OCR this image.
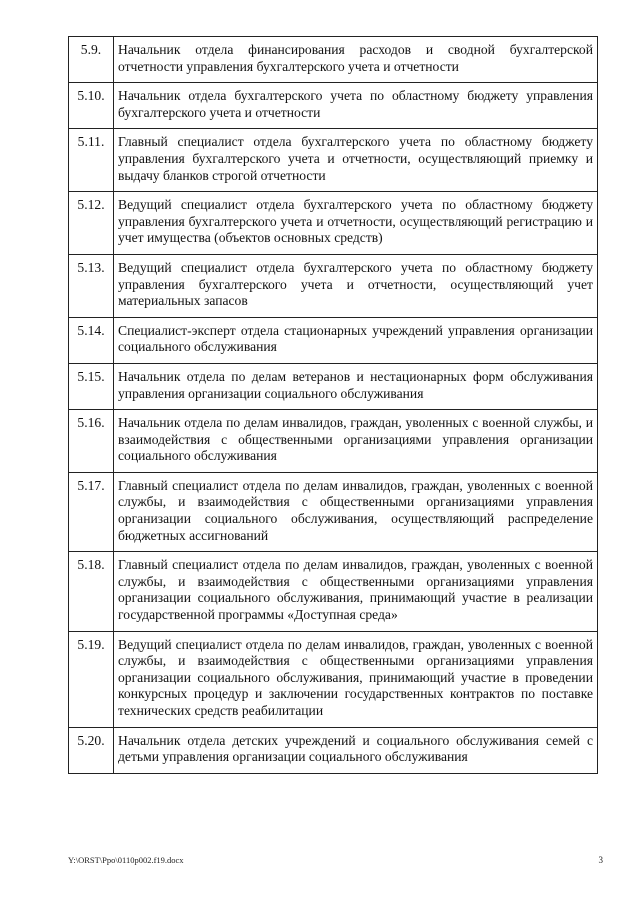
5.9.	Начальник отдела финансирования расходов и сводной бухгалтерской отчетности управления бухгалтерского учета и отчетности
5.10.	Начальник отдела бухгалтерского учета по областному бюджету управления бухгалтерского учета и отчетности
5.11.	Главный специалист отдела бухгалтерского учета по областному бюджету управления бухгалтерского учета и отчетности, осуществляющий приемку и выдачу бланков строгой отчетности
5.12.	Ведущий специалист отдела бухгалтерского учета по областному бюджету управления бухгалтерского учета и отчетности, осуществляющий регистрацию и учет имущества (объектов основных средств)
5.13.	Ведущий специалист отдела бухгалтерского учета по областному бюджету управления бухгалтерского учета и отчетности, осуществляющий учет материальных запасов
5.14.	Специалист-эксперт отдела стационарных учреждений управления организации социального обслуживания
5.15.	Начальник отдела по делам ветеранов и нестационарных форм обслуживания управления организации социального обслуживания
5.16.	Начальник отдела по делам инвалидов, граждан, уволенных с военной службы, и взаимодействия с общественными организациями управления организации социального обслуживания
5.17.	Главный специалист отдела по делам инвалидов, граждан, уволенных с военной службы, и взаимодействия с общественными организациями управления организации социального обслуживания, осуществляющий распределение бюджетных ассигнований
5.18.	Главный специалист отдела по делам инвалидов, граждан, уволенных с военной службы, и взаимодействия с общественными организациями управления организации социального обслуживания, принимающий участие в реализации государственной программы «Доступная среда»
5.19.	Ведущий специалист отдела по делам инвалидов, граждан, уволенных с военной службы, и взаимодействия с общественными организациями управления организации социального обслуживания, принимающий участие в проведении конкурсных процедур и заключении государственных контрактов по поставке технических средств реабилитации
5.20.	Начальник отдела детских учреждений и социального обслуживания семей с детьми управления организации социального обслуживания
Y:\ORST\Ppo\0110p002.f19.docx	3
